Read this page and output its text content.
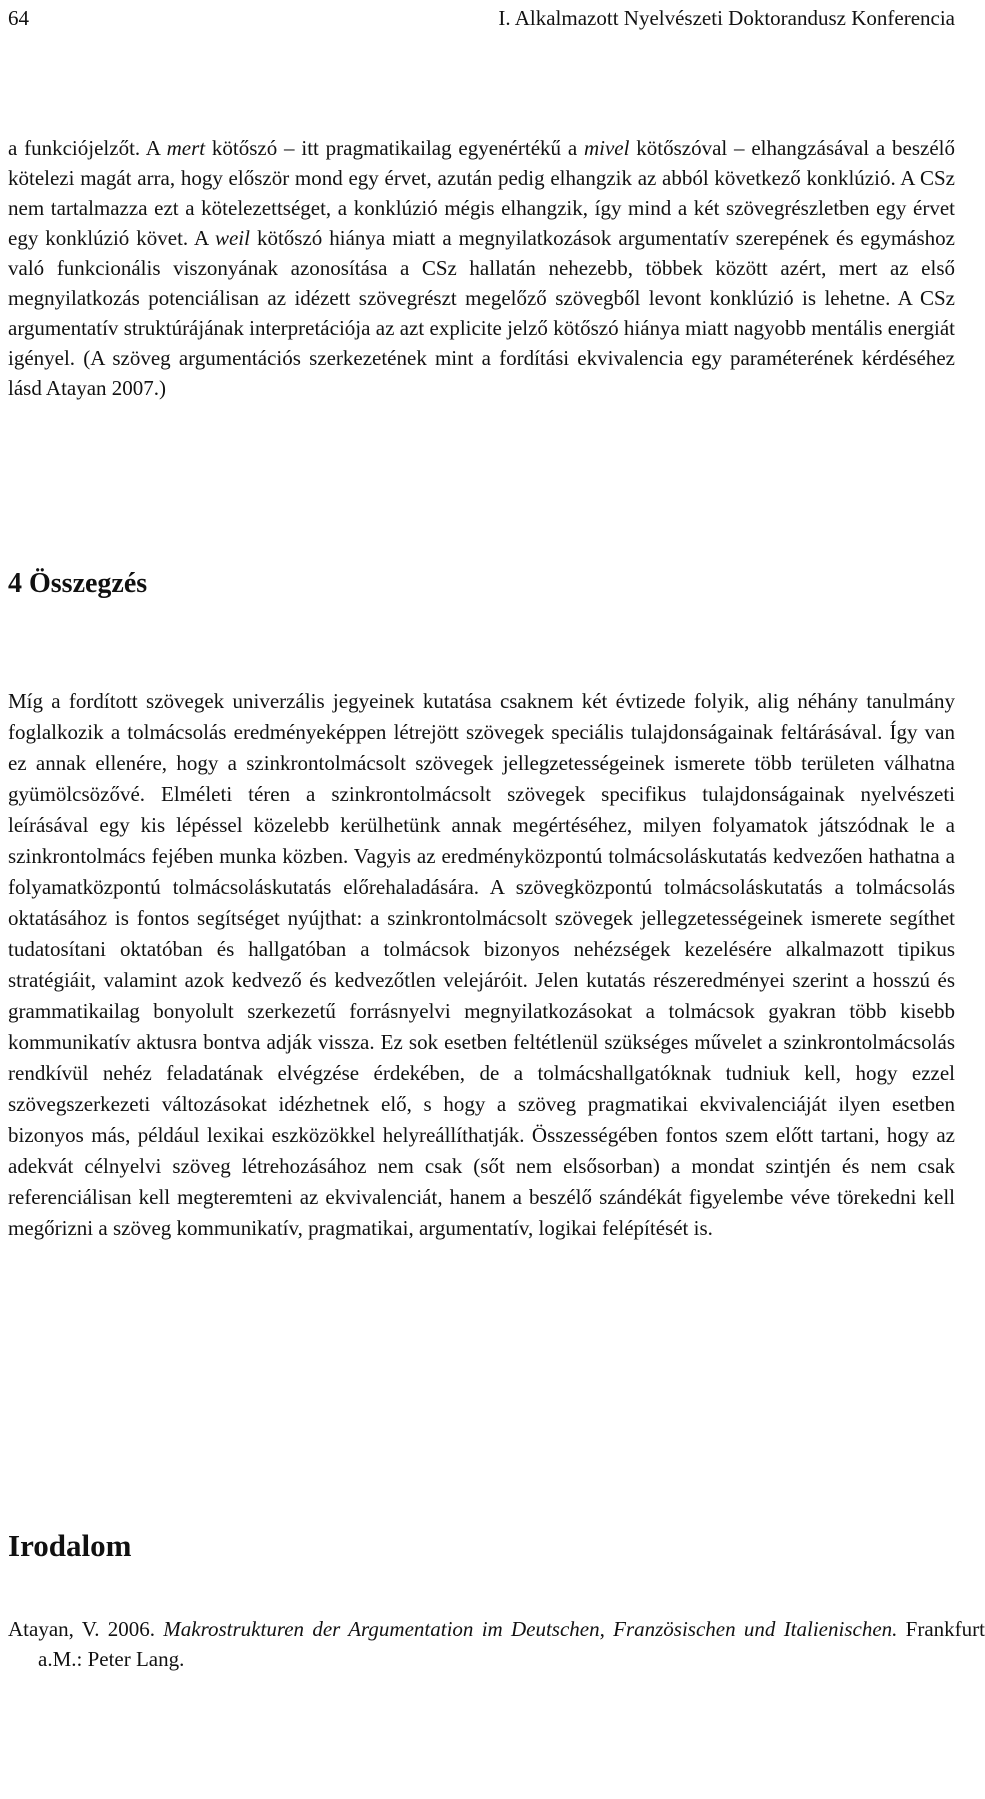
64	I. Alkalmazott Nyelvészeti Doktorandusz Konferencia

a funkciójelzőt. A mert kötőszó – itt pragmatikailag egyenértékű a mivel kötőszóval – elhangzásával a beszélő kötelezi magát arra, hogy először mond egy érvet, azután pedig elhangzik az abból következő konklúzió. A CSz nem tartalmazza ezt a kötelezettséget, a konklúzió mégis elhangzik, így mind a két szövegrészletben egy érvet egy konklúzió követ. A weil kötőszó hiánya miatt a megnyilatkozások argumentatív szerepének és egymáshoz való funkcionális viszonyának azonosítása a CSz hallatán nehezebb, többek között azért, mert az első megnyilatkozás potenciálisan az idézett szövegrészt megelőző szövegből levont konklúzió is lehetne. A CSz argumentatív struktúrájának interpretációja az azt explicite jelző kötőszó hiánya miatt nagyobb mentális energiát igényel. (A szöveg argumentációs szerkezetének mint a fordítási ekvivalencia egy paraméterének kérdéséhez lásd Atayan 2007.)

4 Összegzés

Míg a fordított szövegek univerzális jegyeinek kutatása csaknem két évtizede folyik, alig néhány tanulmány foglalkozik a tolmácsolás eredményeképpen létrejött szövegek speciális tulajdonságainak feltárásával. Így van ez annak ellenére, hogy a szinkrontolmácsolt szövegek jellegzetességeinek ismerete több területen válhatna gyümölcsözővé. Elméleti téren a szinkrontolmácsolt szövegek specifikus tulajdonságainak nyelvészeti leírásával egy kis lépéssel közelebb kerülhetünk annak megértéséhez, milyen folyamatok játszódnak le a szinkrontolmács fejében munka közben. Vagyis az eredményközpontú tolmácsoláskutatás kedvezően hathatna a folyamatközpontú tolmácsoláskutatás előrehaladására. A szövegközpontú tolmácsoláskutatás a tolmácsolás oktatásához is fontos segítséget nyújthat: a szinkrontolmácsolt szövegek jellegzetességeinek ismerete segíthet tudatosítani oktatóban és hallgatóban a tolmácsok bizonyos nehézségek kezelésére alkalmazott tipikus stratégiáit, valamint azok kedvező és kedvezőtlen velejáróit. Jelen kutatás részeredményei szerint a hosszú és grammatikailag bonyolult szerkezetű forrásnyelvi megnyilatkozásokat a tolmácsok gyakran több kisebb kommunikatív aktusra bontva adják vissza. Ez sok esetben feltétlenül szükséges művelet a szinkrontolmácsolás rendkívül nehéz feladatának elvégzése érdekében, de a tolmácshallgatóknak tudniuk kell, hogy ezzel szövegszerkezeti változásokat idézhetnek elő, s hogy a szöveg pragmatikai ekvivalenciáját ilyen esetben bizonyos más, például lexikai eszközökkel helyreállíthatják. Összességében fontos szem előtt tartani, hogy az adekvát célnyelvi szöveg létrehozásához nem csak (sőt nem elsősorban) a mondat szintjén és nem csak referenciálisan kell megteremteni az ekvivalenciát, hanem a beszélő szándékát figyelembe véve törekedni kell megőrizni a szöveg kommunikatív, pragmatikai, argumentatív, logikai felépítését is.

Irodalom

Atayan, V. 2006. Makrostrukturen der Argumentation im Deutschen, Französischen und Italienischen. Frankfurt a.M.: Peter Lang.
